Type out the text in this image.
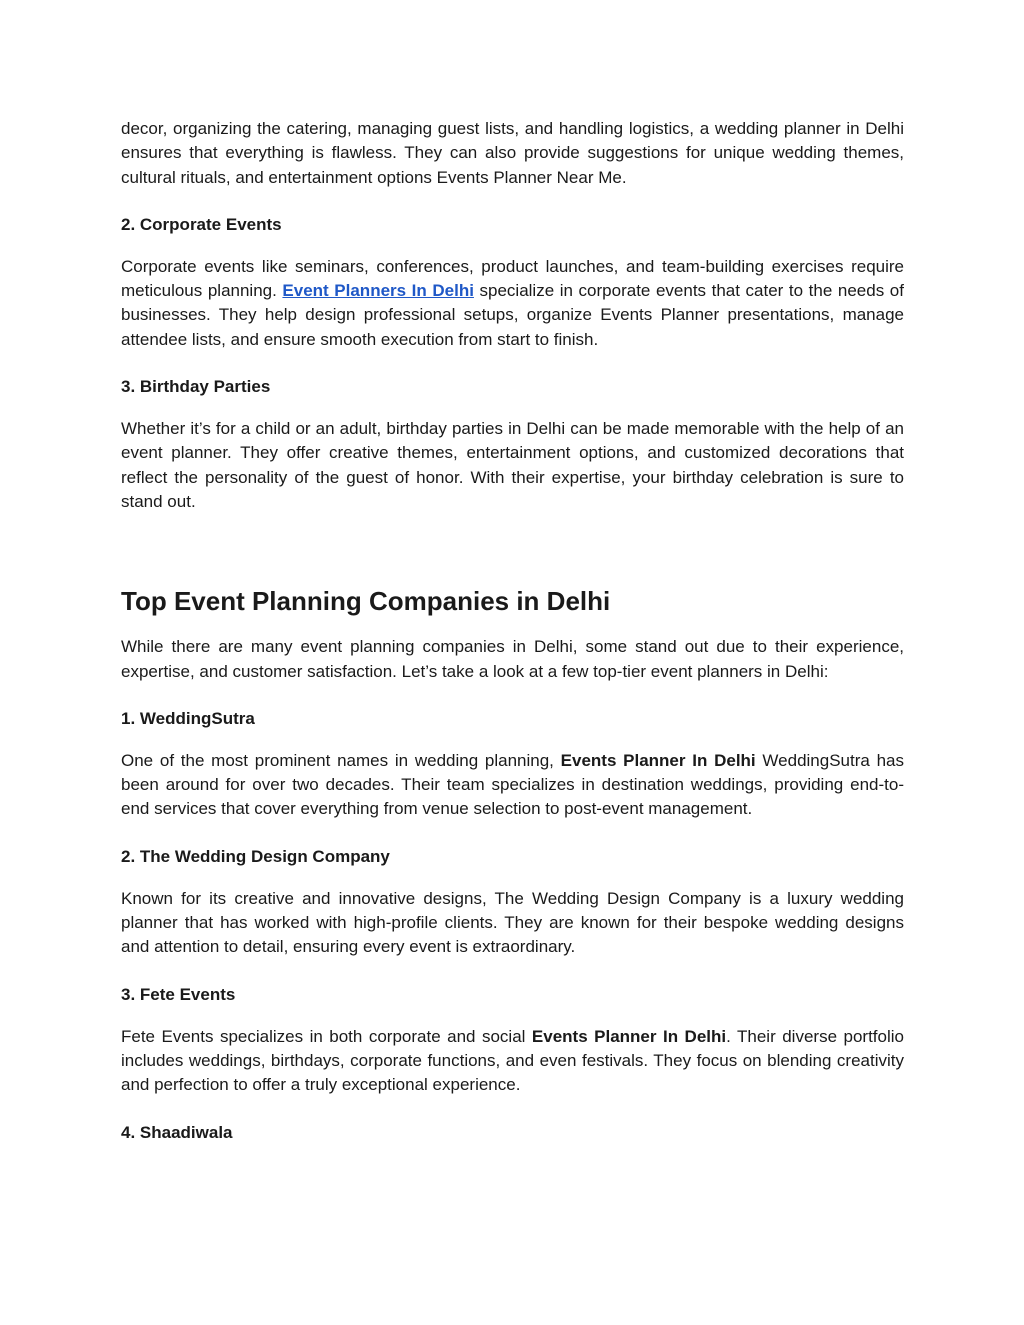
decor, organizing the catering, managing guest lists, and handling logistics, a wedding planner in Delhi ensures that everything is flawless. They can also provide suggestions for unique wedding themes, cultural rituals, and entertainment options Events Planner Near Me.

2. Corporate Events

Corporate events like seminars, conferences, product launches, and team-building exercises require meticulous planning. Event Planners In Delhi specialize in corporate events that cater to the needs of businesses. They help design professional setups, organize Events Planner presentations, manage attendee lists, and ensure smooth execution from start to finish.

3. Birthday Parties

Whether it’s for a child or an adult, birthday parties in Delhi can be made memorable with the help of an event planner. They offer creative themes, entertainment options, and customized decorations that reflect the personality of the guest of honor. With their expertise, your birthday celebration is sure to stand out.

Top Event Planning Companies in Delhi

While there are many event planning companies in Delhi, some stand out due to their experience, expertise, and customer satisfaction. Let’s take a look at a few top-tier event planners in Delhi:

1. WeddingSutra

One of the most prominent names in wedding planning, Events Planner In Delhi WeddingSutra has been around for over two decades. Their team specializes in destination weddings, providing end-to-end services that cover everything from venue selection to post-event management.

2. The Wedding Design Company

Known for its creative and innovative designs, The Wedding Design Company is a luxury wedding planner that has worked with high-profile clients. They are known for their bespoke wedding designs and attention to detail, ensuring every event is extraordinary.

3. Fete Events

Fete Events specializes in both corporate and social Events Planner In Delhi. Their diverse portfolio includes weddings, birthdays, corporate functions, and even festivals. They focus on blending creativity and perfection to offer a truly exceptional experience.

4. Shaadiwala
